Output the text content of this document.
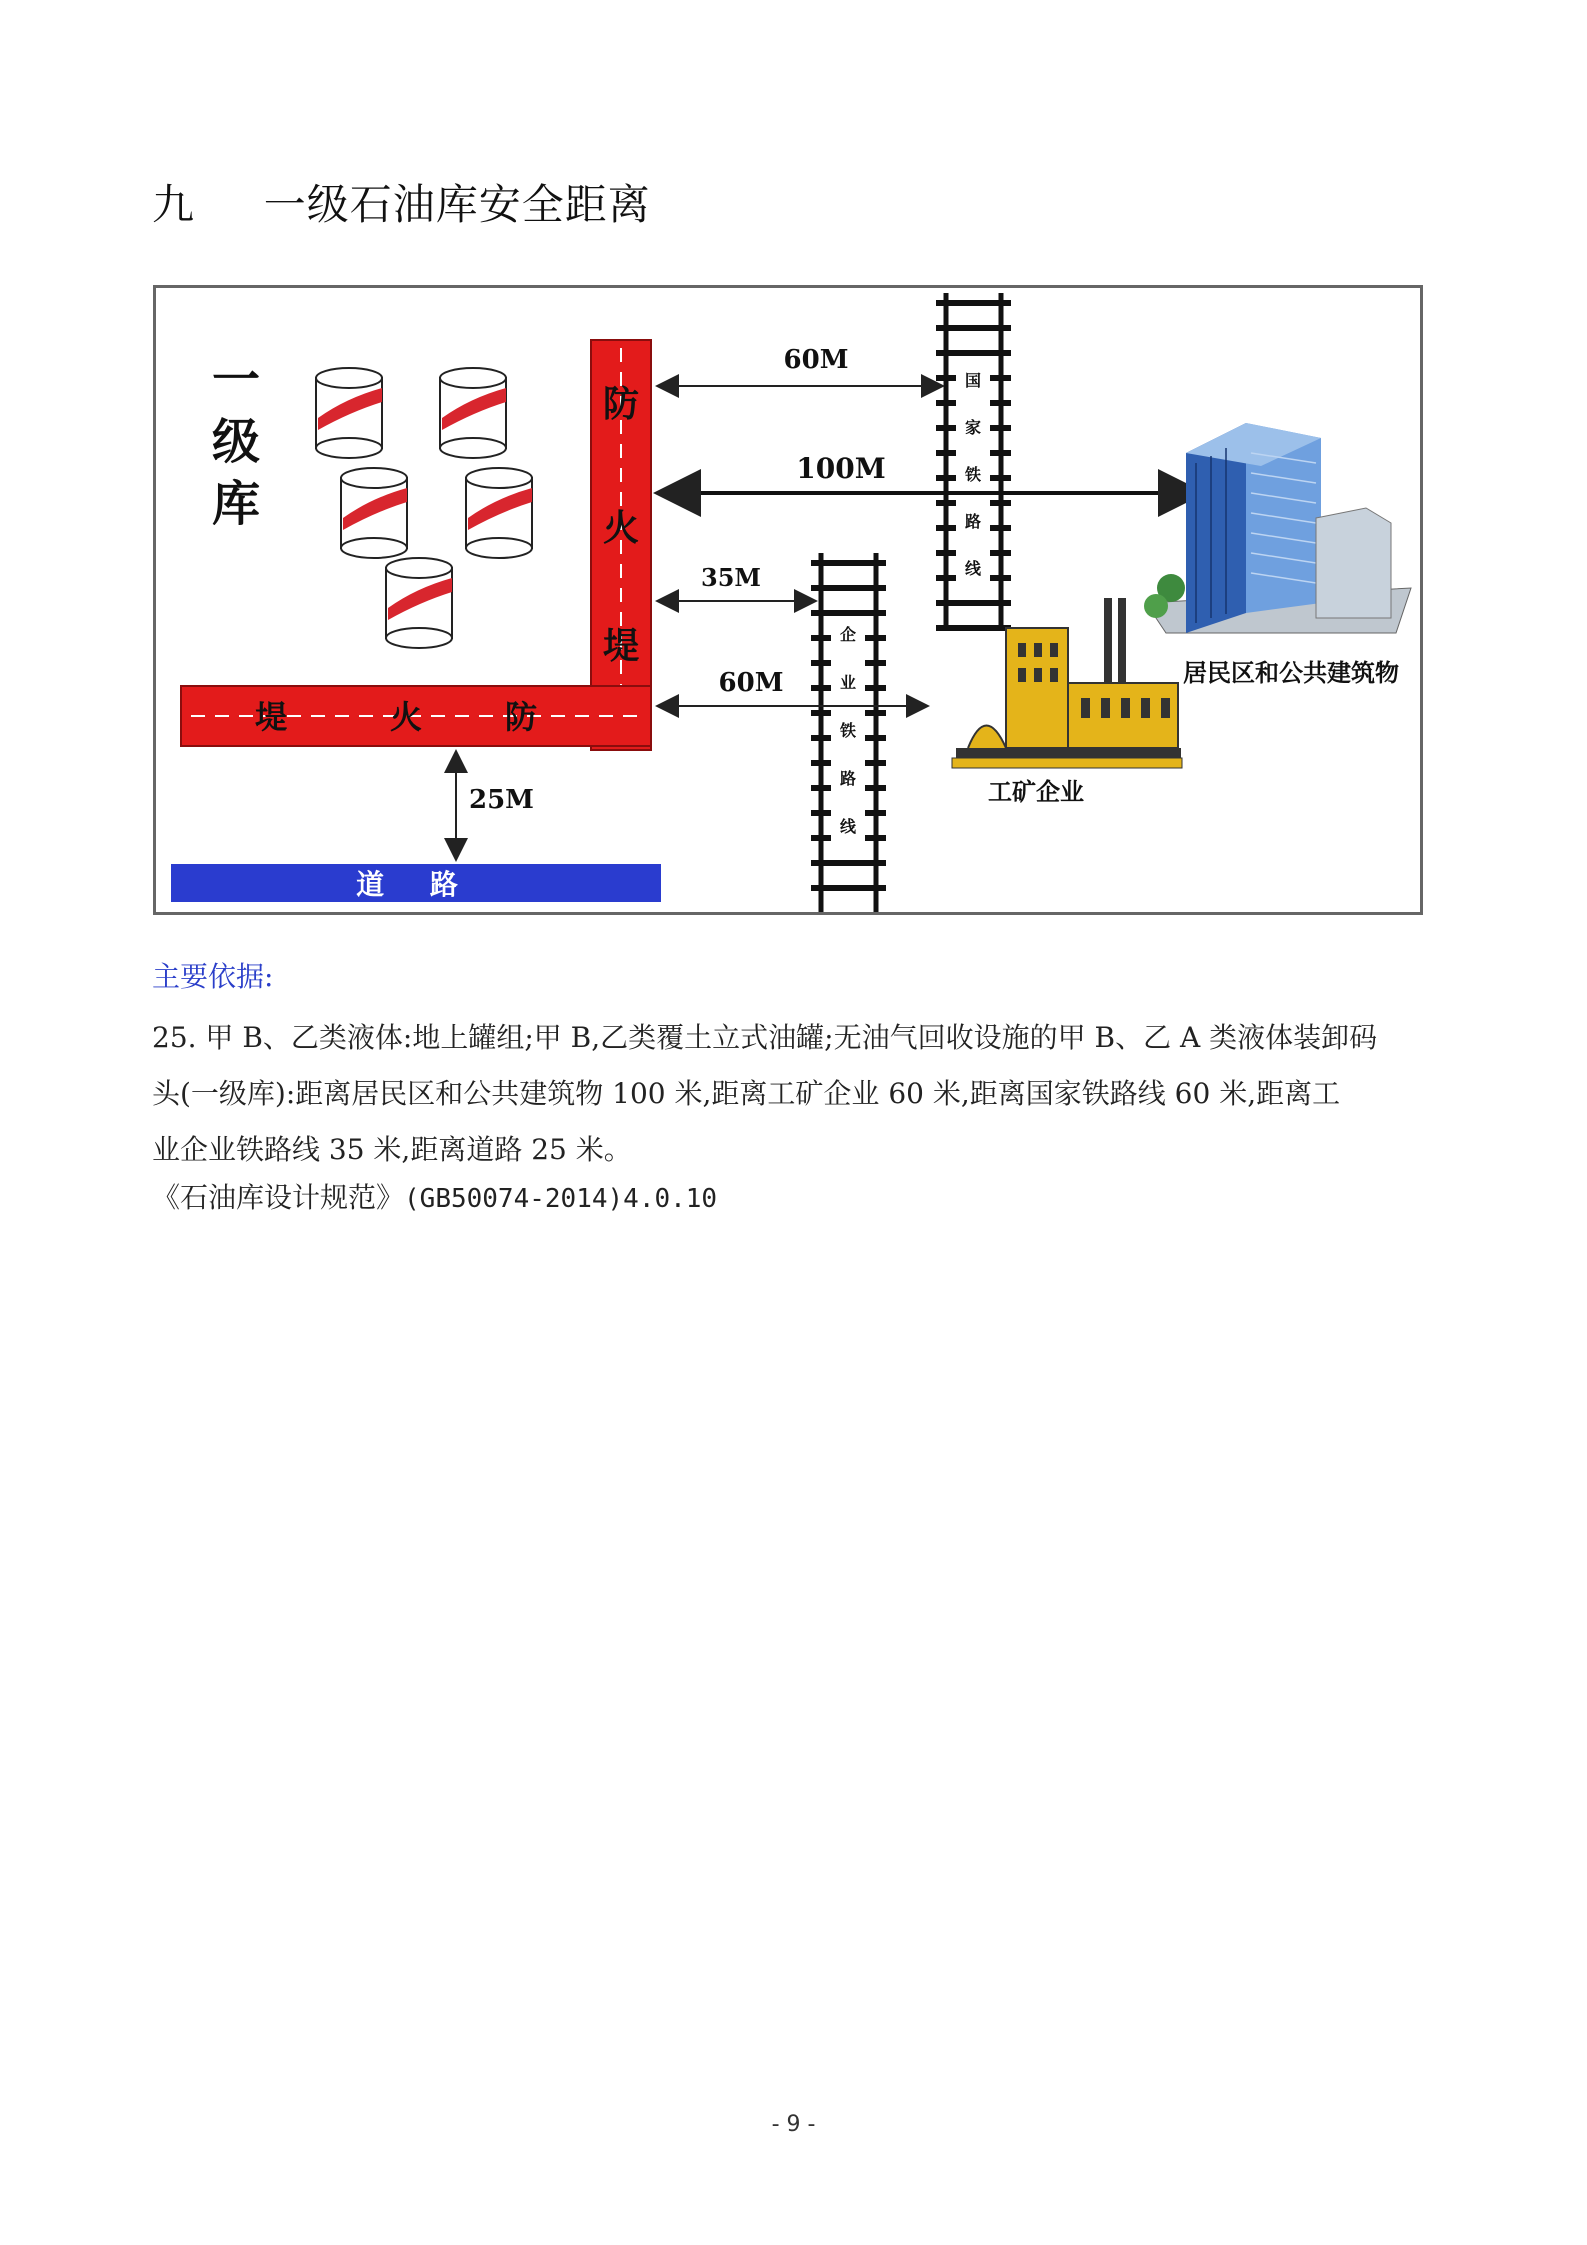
九 一级石油库安全距离
一
级
库
防
火
堤
堤	火	防
道 路
25M
国
家
铁
路
线
企
业
铁
路
线
60M
100M
35M
60M	居民区和公共建筑物
工矿企业
主要依据:
25. 甲 B、乙类液体:地上罐组;甲 B,乙类覆土立式油罐;无油气回收设施的甲 B、乙 A 类液体装卸码
头(一级库):距离居民区和公共建筑物 100 米,距离工矿企业 60 米,距离国家铁路线 60 米,距离工
业企业铁路线 35 米,距离道路 25 米。
《石油库设计规范》(GB50074-2014)4.0.10
- 9 -
